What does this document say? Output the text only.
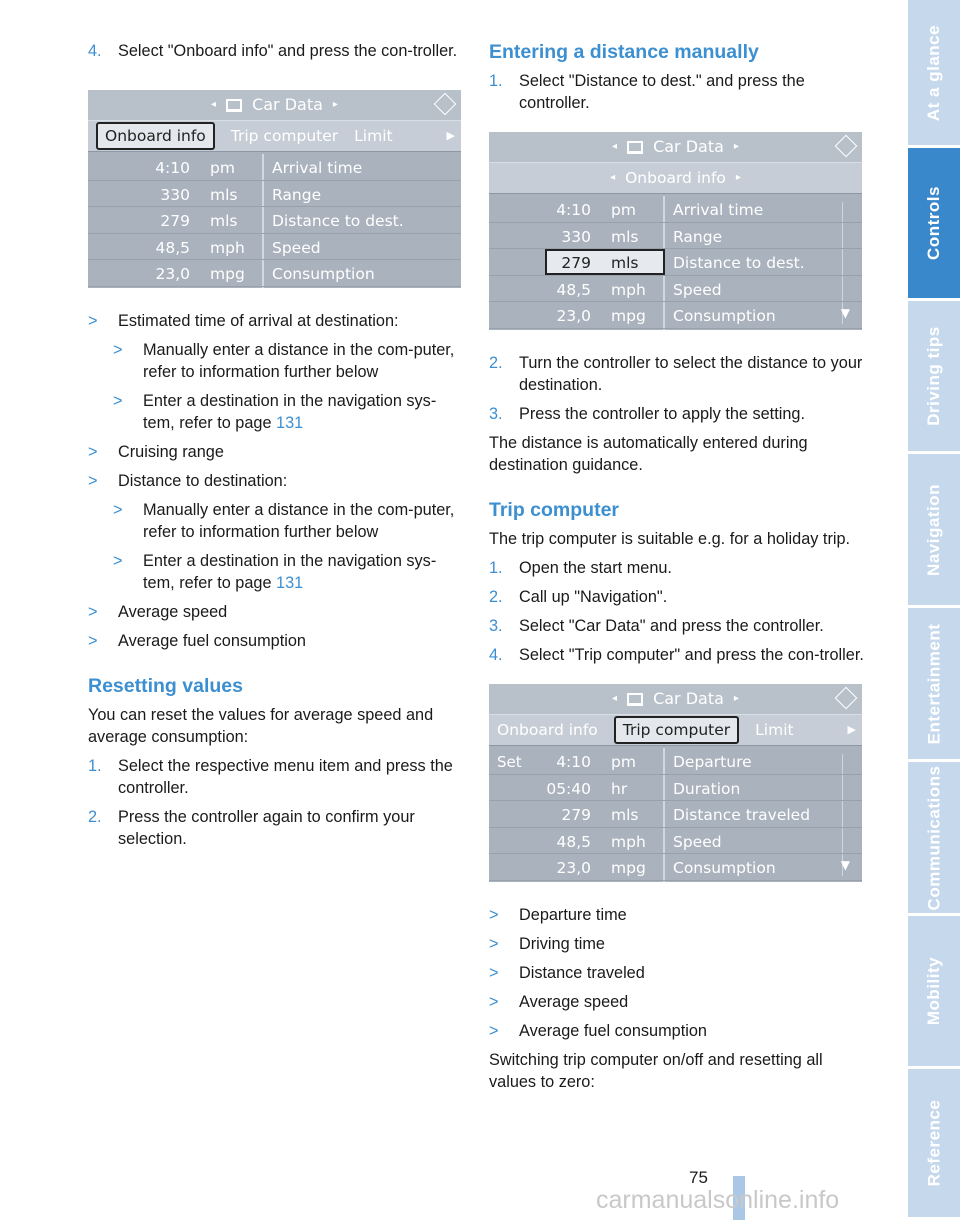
4. Select "Onboard info" and press the con-troller.
◂ Car Data ▸
Onboard info	Trip computer Limit	▶
4:10 pm Arrival time
330 mls Range
279 mls Distance to dest.
48,5 mph Speed
23,0 mpg Consumption
> Estimated time of arrival at destination:
> Manually enter a distance in the com-puter, refer to information further below
> Enter a destination in the navigation sys-tem, refer to page 131
> Cruising range
> Distance to destination:
> Manually enter a distance in the com-puter, refer to information further below
> Enter a destination in the navigation sys-tem, refer to page 131
> Average speed
> Average fuel consumption
Resetting values
You can reset the values for average speed and average consumption:
1. Select the respective menu item and press the controller.
2. Press the controller again to confirm your selection.
Entering a distance manually
1. Select "Distance to dest." and press the controller.
◂ Car Data ▸
◂ Onboard info ▸
4:10 pm Arrival time
330 mls Range
279 mls Distance to dest.
48,5 mph Speed
23,0 mpg Consumption	▼
2. Turn the controller to select the distance to your destination.
3. Press the controller to apply the setting.
The distance is automatically entered during destination guidance.
Trip computer
The trip computer is suitable e.g. for a holiday trip.
1. Open the start menu.
2. Call up "Navigation".
3. Select "Car Data" and press the controller.
4. Select "Trip computer" and press the con-troller.
◂ Car Data ▸
Onboard info	Trip computer	Limit	▶
Set	4:10 pm Departure
05:40 hr	Duration
279 mls Distance traveled
48,5 mph Speed
23,0 mpg Consumption	▼
> Departure time
> Driving time
> Distance traveled
> Average speed
> Average fuel consumption
Switching trip computer on/off and resetting all values to zero:
At a glance
Controls
Driving tips
Navigation
Entertainment
Communications
Mobility
Reference
75
carmanualsonline.info
